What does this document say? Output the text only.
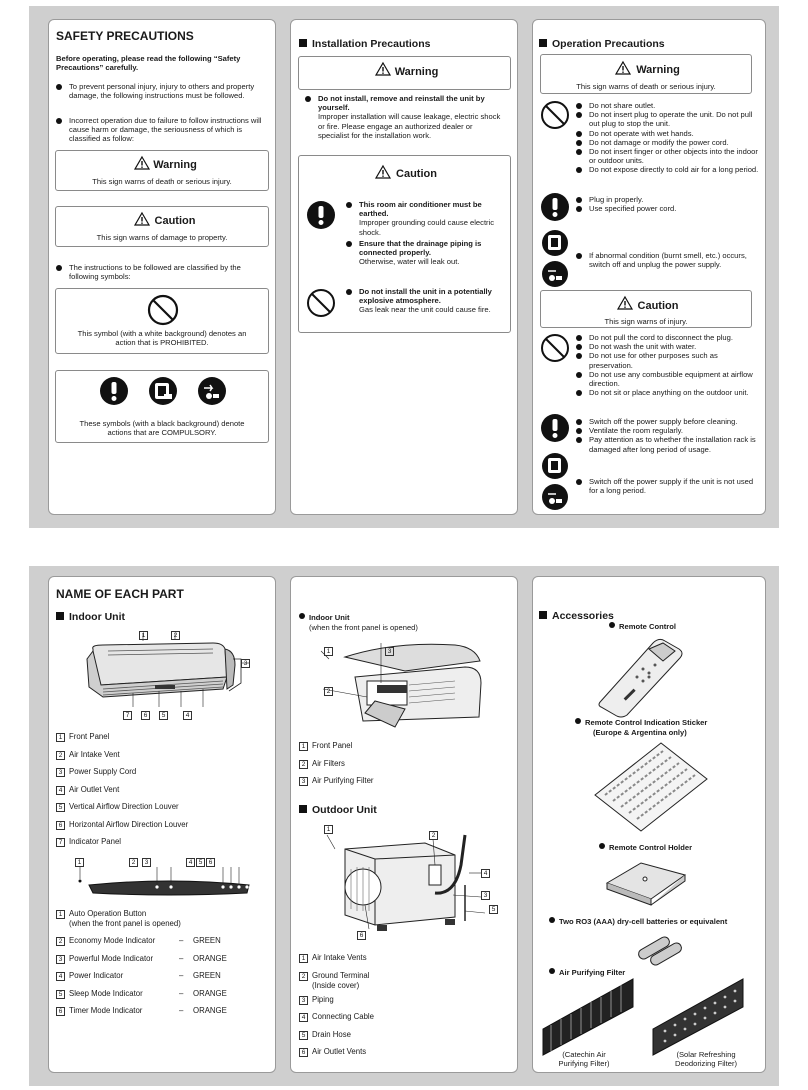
SAFETY PRECAUTIONS
Before operating, please read the following “Safety Precautions” carefully.
To prevent personal injury, injury to others and property damage, the following instructions must be followed.
Incorrect operation due to failure to follow instructions will cause harm or damage, the seriousness of which is classified as follow:
Warning
This sign warns of death or serious injury.
Caution
This sign warns of damage to property.
The instructions to be followed are classified by the following symbols:
This symbol (with a white background) denotes an action that is PROHIBITED.
These symbols (with a black background) denote actions that are COMPULSORY.
Installation Precautions
Warning
Do not install, remove and reinstall the unit by yourself.
Improper installation will cause leakage, electric shock or fire. Please engage an authorized dealer or specialist for the installation work.
Caution
This room air conditioner must be earthed.
Improper grounding could cause electric shock.
Ensure that the drainage piping is connected properly.
Otherwise, water will leak out.
Do not install the unit in a potentially explosive atmosphere.
Gas leak near the unit could cause fire.
Operation Precautions
Warning
This sign warns of death or serious injury.
Do not share outlet.
Do not insert plug to operate the unit. Do not pull out plug to stop the unit.
Do not operate with wet hands.
Do not damage or modify the power cord.
Do not insert finger or other objects into the indoor or outdoor units.
Do not expose directly to cold air for a long period.
Plug in properly.
Use specified power cord.
If abnormal condition (burnt smell, etc.) occurs, switch off and unplug the power supply.
Caution
This sign warns of injury.
Do not pull the cord to disconnect the plug.
Do not wash the unit with water.
Do not use for other purposes such as preservation.
Do not use any combustible equipment at airflow direction.
Do not sit or place anything on the outdoor unit.
Switch off the power supply before cleaning.
Ventilate the room regularly.
Pay attention as to whether the installation rack is damaged after long period of usage.
Switch off the power supply if the unit is not used for a long period.
NAME OF EACH PART
Indoor Unit
1	2
3
7	6	5	4
1 Front Panel
2 Air Intake Vent
3 Power Supply Cord
4 Air Outlet Vent
5 Vertical Airflow Direction Louver
6 Horizontal Airflow Direction Louver
7 Indicator Panel
1	2	3	4 5 6
1 Auto Operation Button
(when the front panel is opened)
2 Economy Mode Indicator	– GREEN
3 Powerful Mode Indicator	– ORANGE
4 Power Indicator	– GREEN
5 Sleep Mode Indicator	– ORANGE
6 Timer Mode Indicator	– ORANGE
Indoor Unit
(when the front panel is opened)
1	3
2
1 Front Panel
2 Air Filters
3 Air Purifying Filter
Outdoor Unit
1
2
4
3
5
6
1 Air Intake Vents
2 Ground Terminal
(Inside cover)
3 Piping
4 Connecting Cable
5 Drain Hose
6 Air Outlet Vents
Accessories
Remote Control
Remote Control Indication Sticker
(Europe & Argentina only)
Remote Control Holder
Two RO3 (AAA) dry-cell batteries or equivalent
Air Purifying Filter
(Catechin Air Purifying Filter)
(Solar Refreshing Deodorizing Filter)
